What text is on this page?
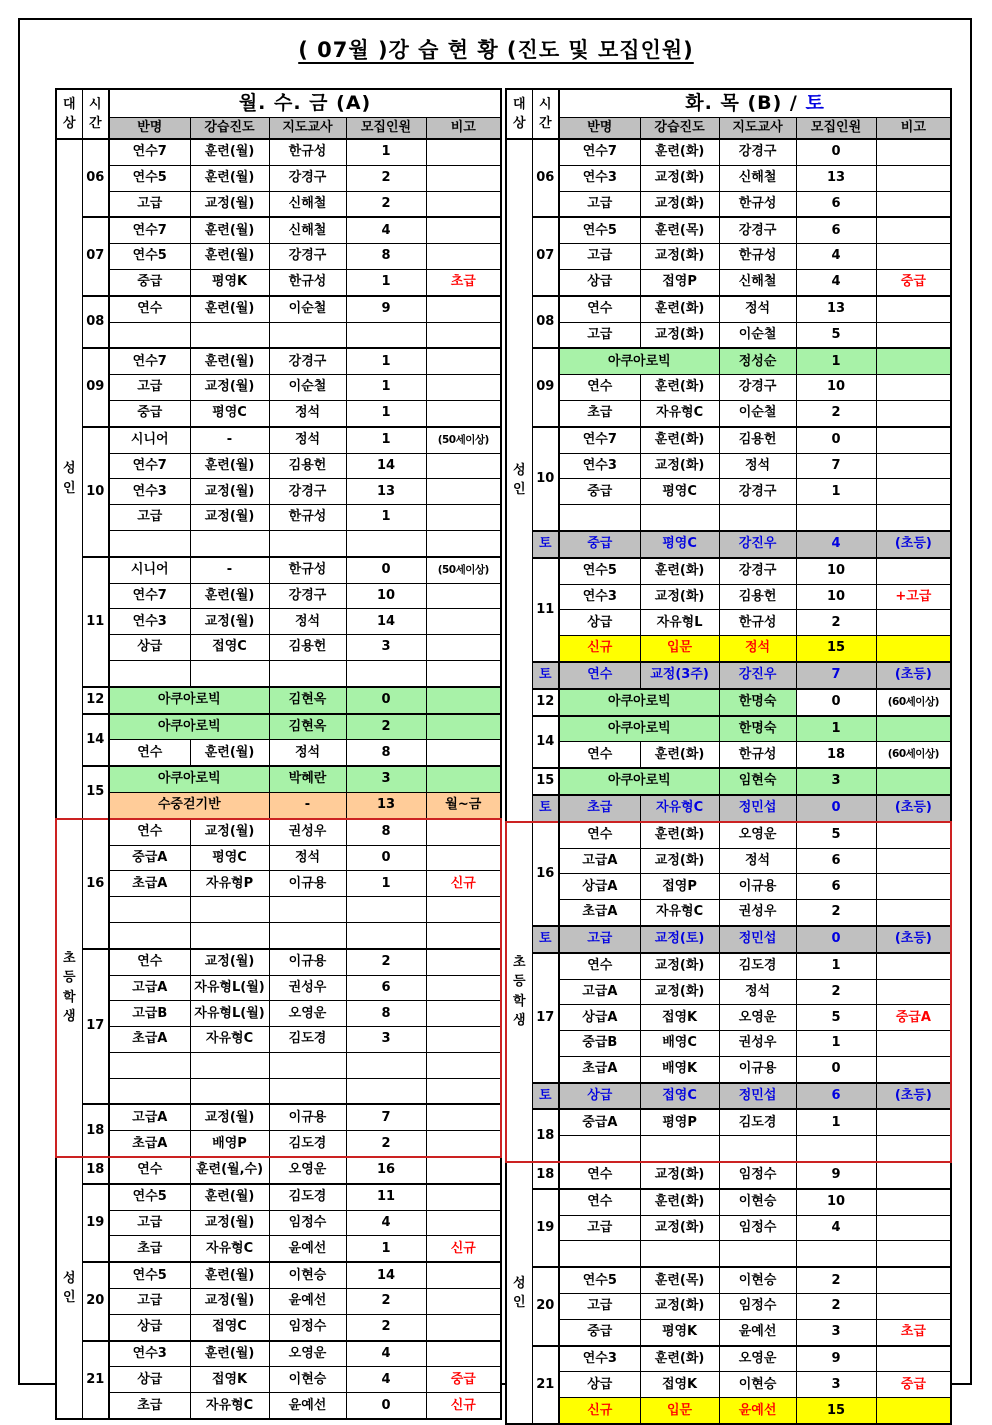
( 07월 )강 습 현 황 (진도 및 모집인원)
대
상	시
간	월. 수. 금 (A)				
		반명	강습진도	지도교사	모집인원	비고
성
인	06	연수7	훈련(월)	한규성	1	
		연수5	훈련(월)	강경구	2	
		고급	교정(월)	신해철	2	
	07	연수7	훈련(월)	신해철	4	
		연수5	훈련(월)	강경구	8	
		중급	평영K	한규성	1	초급
	08	연수	훈련(월)	이순철	9	

	09	연수7	훈련(월)	강경구	1	
		고급	교정(월)	이순철	1	
		중급	평영C	정석	1	
	10	시니어	-	정석	1	(50세이상)
		연수7	훈련(월)	김용헌	14	
		연수3	교정(월)	강경구	13	
		고급	교정(월)	한규성	1	

	11	시니어	-	한규성	0	(50세이상)
		연수7	훈련(월)	강경구	10	
		연수3	교정(월)	정석	14	
		상급	접영C	김용헌	3	

	12	아쿠아로빅		김현옥	0	
	14	아쿠아로빅		김현옥	2	
		연수	훈련(월)	정석	8	
	15	아쿠아로빅		박혜란	3	
		수중걷기반		-	13	월~금
초
등
학
생	16	연수	교정(월)	권성우	8	
		중급A	평영C	정석	0	
		초급A	자유형P	이규용	1	신규

	17	연수	교정(월)	이규용	2	
		고급A	자유형L(월)	권성우	6	
		고급B	자유형L(월)	오영운	8	
		초급A	자유형C	김도경	3	

	18	고급A	교정(월)	이규용	7	
		초급A	배영P	김도경	2	
성
인	18	연수	훈련(월,수)	오영운	16	
	19	연수5	훈련(월)	김도경	11	
		고급	교정(월)	임정수	4	
		초급	자유형C	윤예선	1	신규
	20	연수5	훈련(월)	이현승	14	
		고급	교정(월)	윤예선	2	
		상급	접영C	임정수	2	
	21	연수3	훈련(월)	오영운	4	
		상급	접영K	이현승	4	중급
		초급	자유형C	윤예선	0	신규
대
상	시
간	화. 목 (B) / 토				
		반명	강습진도	지도교사	모집인원	비고
성
인	06	연수7	훈련(화)	강경구	0	
		연수3	교정(화)	신해철	13	
		고급	교정(화)	한규성	6	
	07	연수5	훈련(목)	강경구	6	
		고급	교정(화)	한규성	4	
		상급	접영P	신해철	4	중급
	08	연수	훈련(화)	정석	13	
		고급	교정(화)	이순철	5	
	09	아쿠아로빅		정성순	1	
		연수	훈련(화)	강경구	10	
		초급	자유형C	이순철	2	
	10	연수7	훈련(화)	김용헌	0	
		연수3	교정(화)	정석	7	
		중급	평영C	강경구	1	

	토	중급	평영C	강진우	4	(초등)
	11	연수5	훈련(화)	강경구	10	
		연수3	교정(화)	김용헌	10	+고급
		상급	자유형L	한규성	2	
		신규	입문	정석	15	
	토	연수	교정(3주)	강진우	7	(초등)
	12	아쿠아로빅		한명숙	0	(60세이상)
	14	아쿠아로빅		한명숙	1	
		연수	훈련(화)	한규성	18	(60세이상)
	15	아쿠아로빅		임현숙	3	
	토	초급	자유형C	정민섭	0	(초등)
초
등
학
생	16	연수	훈련(화)	오영운	5	
		고급A	교정(화)	정석	6	
		상급A	접영P	이규용	6	
		초급A	자유형C	권성우	2	
	토	고급	교정(토)	정민섭	0	(초등)
	17	연수	교정(화)	김도경	1	
		고급A	교정(화)	정석	2	
		상급A	접영K	오영운	5	중급A
		중급B	배영C	권성우	1	
		초급A	배영K	이규용	0	
	토	상급	접영C	정민섭	6	(초등)
	18	중급A	평영P	김도경	1	

성
인	18	연수	교정(화)	임정수	9	
	19	연수	훈련(화)	이현승	10	
		고급	교정(화)	임정수	4	

	20	연수5	훈련(목)	이현승	2	
		고급	교정(화)	임정수	2	
		중급	평영K	윤예선	3	초급
	21	연수3	훈련(화)	오영운	9	
		상급	접영K	이현승	3	중급
		신규	입문	윤예선	15	
